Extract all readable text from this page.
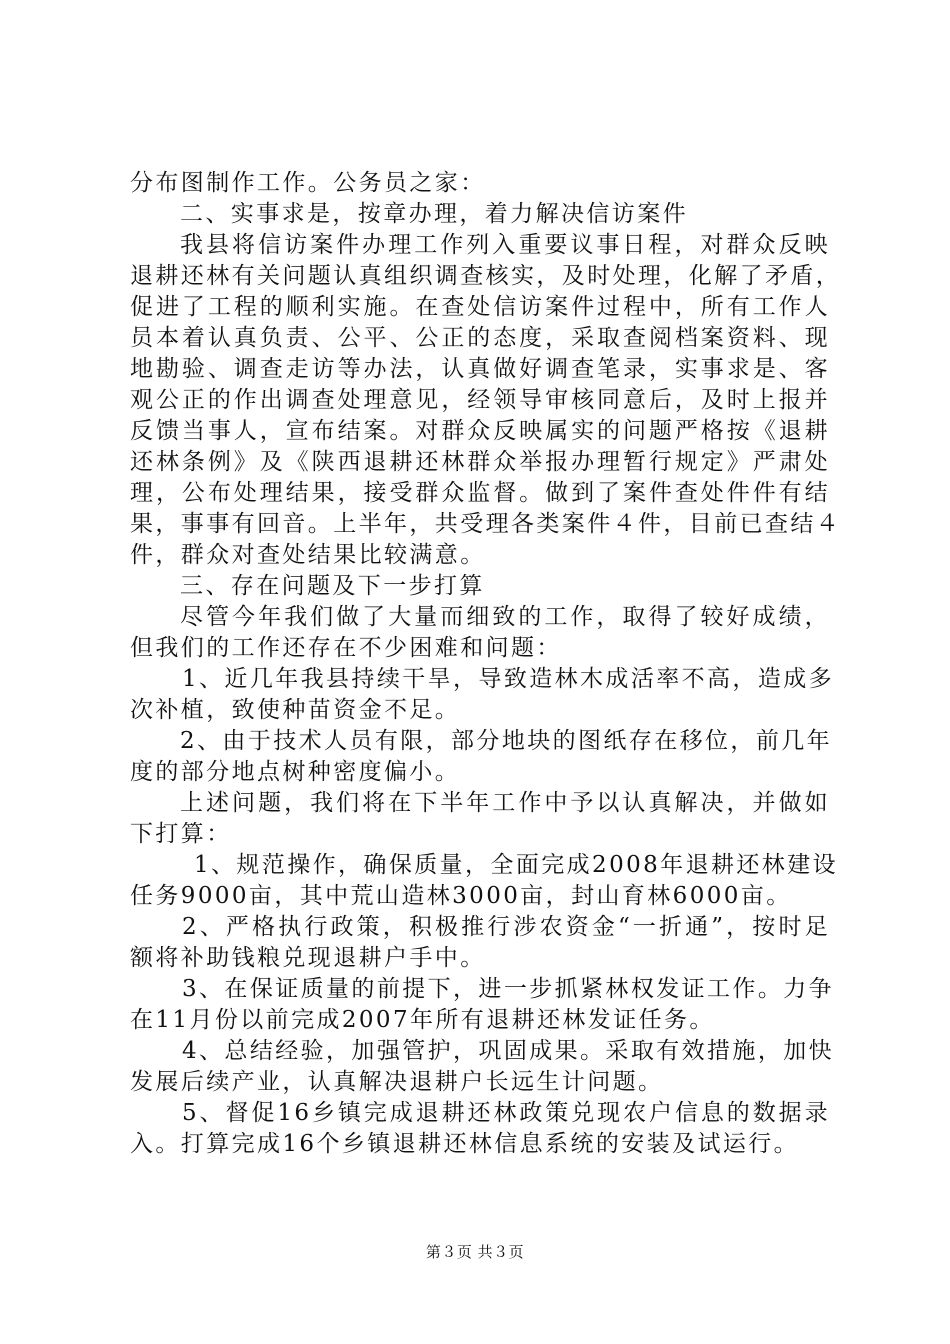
分布图制作工作。公务员之家：
二、实事求是，按章办理，着力解决信访案件
我县将信访案件办理工作列入重要议事日程，对群众反映
退耕还林有关问题认真组织调查核实，及时处理，化解了矛盾，
促进了工程的顺利实施。在查处信访案件过程中，所有工作人
员本着认真负责、公平、公正的态度，采取查阅档案资料、现
地勘验、调查走访等办法，认真做好调查笔录，实事求是、客
观公正的作出调查处理意见，经领导审核同意后，及时上报并
反馈当事人，宣布结案。对群众反映属实的问题严格按《退耕
还林条例》及《陕西退耕还林群众举报办理暂行规定》严肃处
理，公布处理结果，接受群众监督。做到了案件查处件件有结
果，事事有回音。上半年，共受理各类案件４件，目前已查结４
件，群众对查处结果比较满意。
三、存在问题及下一步打算
尽管今年我们做了大量而细致的工作，取得了较好成绩，
但我们的工作还存在不少困难和问题：
1、近几年我县持续干旱，导致造林木成活率不高，造成多
次补植，致使种苗资金不足。
2、由于技术人员有限，部分地块的图纸存在移位，前几年
度的部分地点树种密度偏小。
上述问题，我们将在下半年工作中予以认真解决，并做如
下打算：
1、规范操作，确保质量，全面完成2008年退耕还林建设
任务9000亩，其中荒山造林3000亩，封山育林6000亩。
2、严格执行政策，积极推行涉农资金“一折通”，按时足
额将补助钱粮兑现退耕户手中。
3、在保证质量的前提下，进一步抓紧林权发证工作。力争
在11月份以前完成2007年所有退耕还林发证任务。
4、总结经验，加强管护，巩固成果。采取有效措施，加快
发展后续产业，认真解决退耕户长远生计问题。
5、督促16乡镇完成退耕还林政策兑现农户信息的数据录
入。打算完成16个乡镇退耕还林信息系统的安装及试运行。
第３页 共３页
